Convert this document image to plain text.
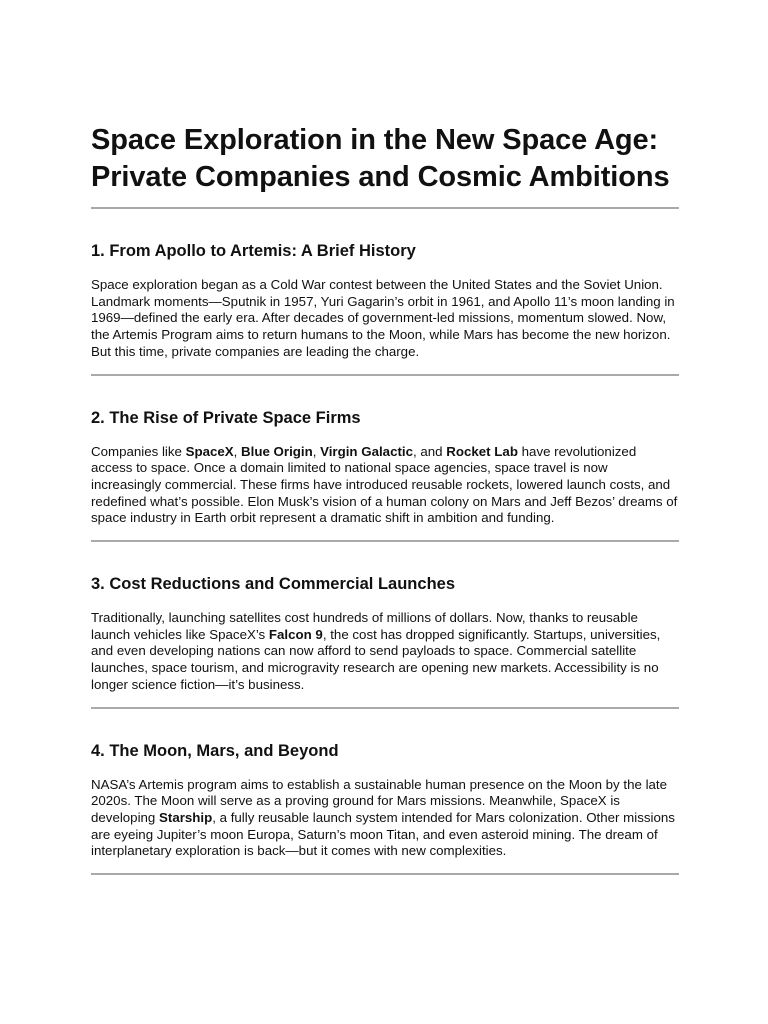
Space Exploration in the New Space Age: Private Companies and Cosmic Ambitions
1. From Apollo to Artemis: A Brief History

Space exploration began as a Cold War contest between the United States and the Soviet Union. Landmark moments—Sputnik in 1957, Yuri Gagarin’s orbit in 1961, and Apollo 11’s moon landing in 1969—defined the early era. After decades of government-led missions, momentum slowed. Now, the Artemis Program aims to return humans to the Moon, while Mars has become the new horizon. But this time, private companies are leading the charge.

2. The Rise of Private Space Firms

Companies like SpaceX, Blue Origin, Virgin Galactic, and Rocket Lab have revolutionized access to space. Once a domain limited to national space agencies, space travel is now increasingly commercial. These firms have introduced reusable rockets, lowered launch costs, and redefined what’s possible. Elon Musk’s vision of a human colony on Mars and Jeff Bezos’ dreams of space industry in Earth orbit represent a dramatic shift in ambition and funding.

3. Cost Reductions and Commercial Launches

Traditionally, launching satellites cost hundreds of millions of dollars. Now, thanks to reusable launch vehicles like SpaceX’s Falcon 9, the cost has dropped significantly. Startups, universities, and even developing nations can now afford to send payloads to space. Commercial satellite launches, space tourism, and microgravity research are opening new markets. Accessibility is no longer science fiction—it’s business.

4. The Moon, Mars, and Beyond

NASA’s Artemis program aims to establish a sustainable human presence on the Moon by the late 2020s. The Moon will serve as a proving ground for Mars missions. Meanwhile, SpaceX is developing Starship, a fully reusable launch system intended for Mars colonization. Other missions are eyeing Jupiter’s moon Europa, Saturn’s moon Titan, and even asteroid mining. The dream of interplanetary exploration is back—but it comes with new complexities.
